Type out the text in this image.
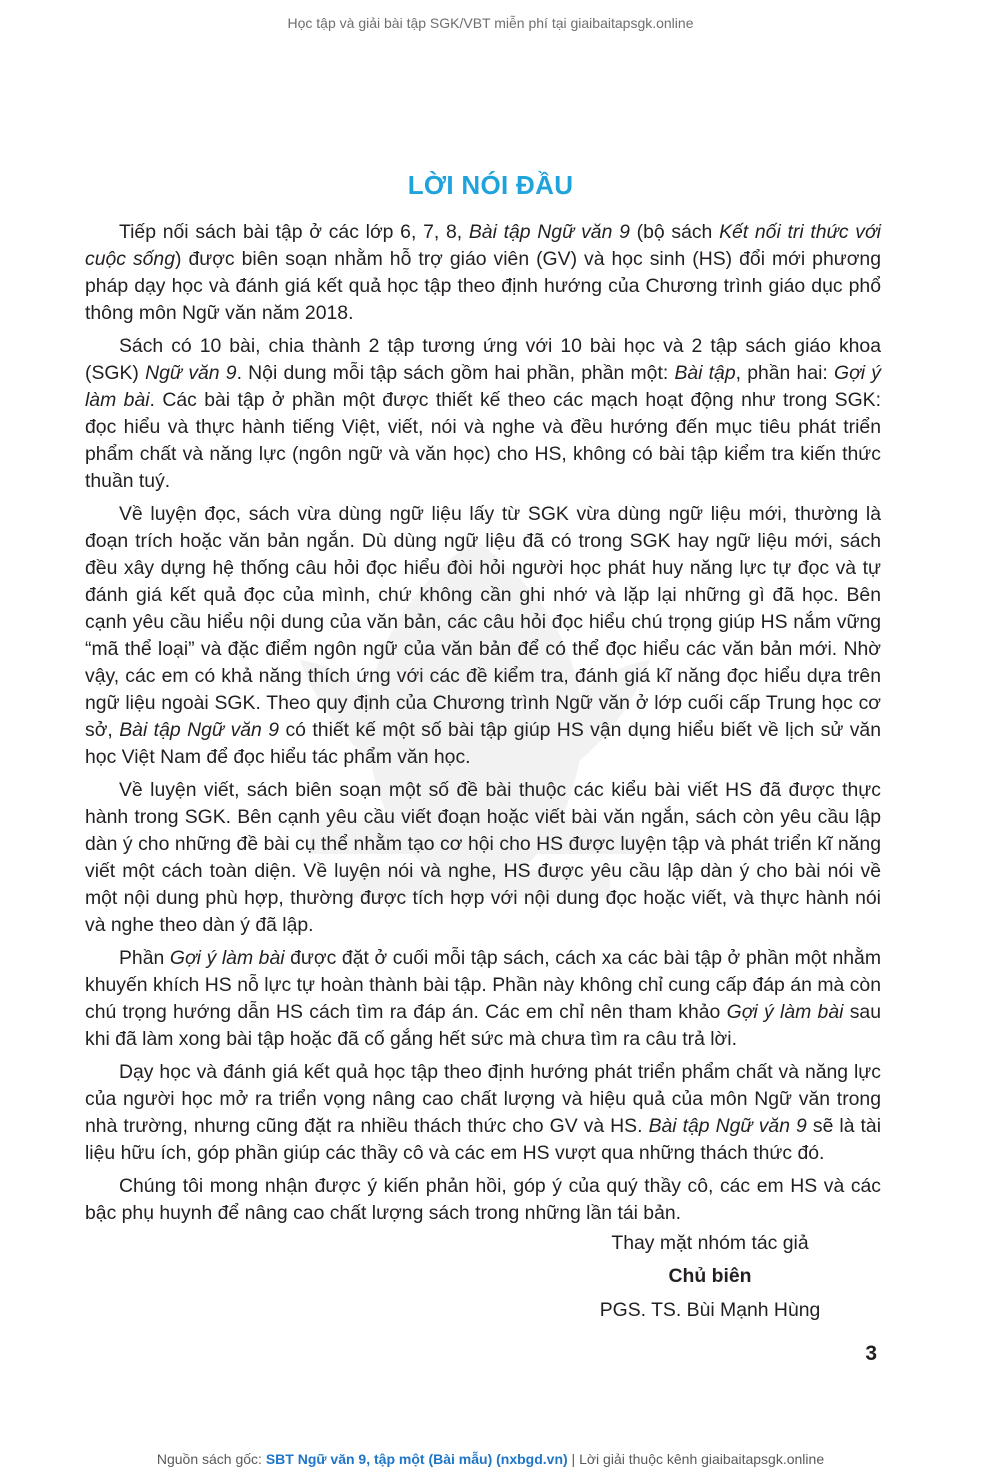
Học tập và giải bài tập SGK/VBT miễn phí tại giaibaitapsgk.online
LỜI NÓI ĐẦU

Tiếp nối sách bài tập ở các lớp 6, 7, 8, Bài tập Ngữ văn 9 (bộ sách Kết nối tri thức với cuộc sống) được biên soạn nhằm hỗ trợ giáo viên (GV) và học sinh (HS) đổi mới phương pháp dạy học và đánh giá kết quả học tập theo định hướng của Chương trình giáo dục phổ thông môn Ngữ văn năm 2018.

Sách có 10 bài, chia thành 2 tập tương ứng với 10 bài học và 2 tập sách giáo khoa (SGK) Ngữ văn 9. Nội dung mỗi tập sách gồm hai phần, phần một: Bài tập, phần hai: Gợi ý làm bài. Các bài tập ở phần một được thiết kế theo các mạch hoạt động như trong SGK: đọc hiểu và thực hành tiếng Việt, viết, nói và nghe và đều hướng đến mục tiêu phát triển phẩm chất và năng lực (ngôn ngữ và văn học) cho HS, không có bài tập kiểm tra kiến thức thuần tuý.

Về luyện đọc, sách vừa dùng ngữ liệu lấy từ SGK vừa dùng ngữ liệu mới, thường là đoạn trích hoặc văn bản ngắn. Dù dùng ngữ liệu đã có trong SGK hay ngữ liệu mới, sách đều xây dựng hệ thống câu hỏi đọc hiểu đòi hỏi người học phát huy năng lực tự đọc và tự đánh giá kết quả đọc của mình, chứ không cần ghi nhớ và lặp lại những gì đã học. Bên cạnh yêu cầu hiểu nội dung của văn bản, các câu hỏi đọc hiểu chú trọng giúp HS nắm vững “mã thể loại” và đặc điểm ngôn ngữ của văn bản để có thể đọc hiểu các văn bản mới. Nhờ vậy, các em có khả năng thích ứng với các đề kiểm tra, đánh giá kĩ năng đọc hiểu dựa trên ngữ liệu ngoài SGK. Theo quy định của Chương trình Ngữ văn ở lớp cuối cấp Trung học cơ sở, Bài tập Ngữ văn 9 có thiết kế một số bài tập giúp HS vận dụng hiểu biết về lịch sử văn học Việt Nam để đọc hiểu tác phẩm văn học.

Về luyện viết, sách biên soạn một số đề bài thuộc các kiểu bài viết HS đã được thực hành trong SGK. Bên cạnh yêu cầu viết đoạn hoặc viết bài văn ngắn, sách còn yêu cầu lập dàn ý cho những đề bài cụ thể nhằm tạo cơ hội cho HS được luyện tập và phát triển kĩ năng viết một cách toàn diện. Về luyện nói và nghe, HS được yêu cầu lập dàn ý cho bài nói về một nội dung phù hợp, thường được tích hợp với nội dung đọc hoặc viết, và thực hành nói và nghe theo dàn ý đã lập.

Phần Gợi ý làm bài được đặt ở cuối mỗi tập sách, cách xa các bài tập ở phần một nhằm khuyến khích HS nỗ lực tự hoàn thành bài tập. Phần này không chỉ cung cấp đáp án mà còn chú trọng hướng dẫn HS cách tìm ra đáp án. Các em chỉ nên tham khảo Gợi ý làm bài sau khi đã làm xong bài tập hoặc đã cố gắng hết sức mà chưa tìm ra câu trả lời.

Dạy học và đánh giá kết quả học tập theo định hướng phát triển phẩm chất và năng lực của người học mở ra triển vọng nâng cao chất lượng và hiệu quả của môn Ngữ văn trong nhà trường, nhưng cũng đặt ra nhiều thách thức cho GV và HS. Bài tập Ngữ văn 9 sẽ là tài liệu hữu ích, góp phần giúp các thầy cô và các em HS vượt qua những thách thức đó.

Chúng tôi mong nhận được ý kiến phản hồi, góp ý của quý thầy cô, các em HS và các bậc phụ huynh để nâng cao chất lượng sách trong những lần tái bản.

Thay mặt nhóm tác giả
Chủ biên
PGS. TS. Bùi Mạnh Hùng
3
Nguồn sách gốc: SBT Ngữ văn 9, tập một (Bài mẫu) (nxbgd.vn) | Lời giải thuộc kênh giaibaitapsgk.online
